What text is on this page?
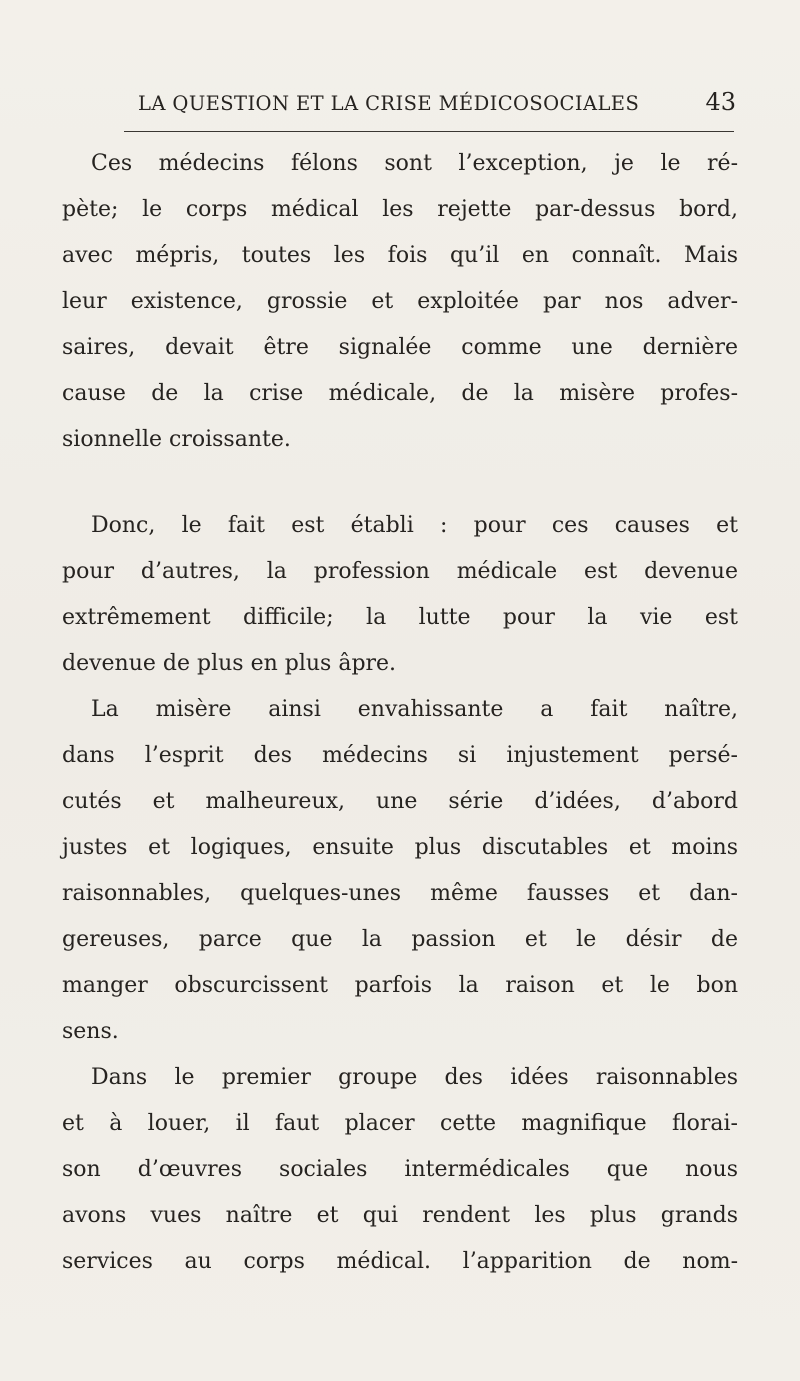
LA QUESTION ET LA CRISE MÉDICOSOCIALES	43
Ces médecins félons sont l’exception, je le ré-
pète; le corps médical les rejette par-dessus bord,
avec mépris, toutes les fois qu’il en connaît. Mais
leur existence, grossie et exploitée par nos adver-
saires, devait être signalée comme une dernière
cause de la crise médicale, de la misère profes-
sionnelle croissante.
Donc, le fait est établi : pour ces causes et
pour d’autres, la profession médicale est devenue
extrêmement difficile; la lutte pour la vie est
devenue de plus en plus âpre.
La misère ainsi envahissante a fait naître,
dans l’esprit des médecins si injustement persé-
cutés et malheureux, une série d’idées, d’abord
justes et logiques, ensuite plus discutables et moins
raisonnables, quelques-unes même fausses et dan-
gereuses, parce que la passion et le désir de
manger obscurcissent parfois la raison et le bon
sens.
Dans le premier groupe des idées raisonnables
et à louer, il faut placer cette magnifique florai-
son d’œuvres sociales intermédicales que nous
avons vues naître et qui rendent les plus grands
services au corps médical. l’apparition de nom-
